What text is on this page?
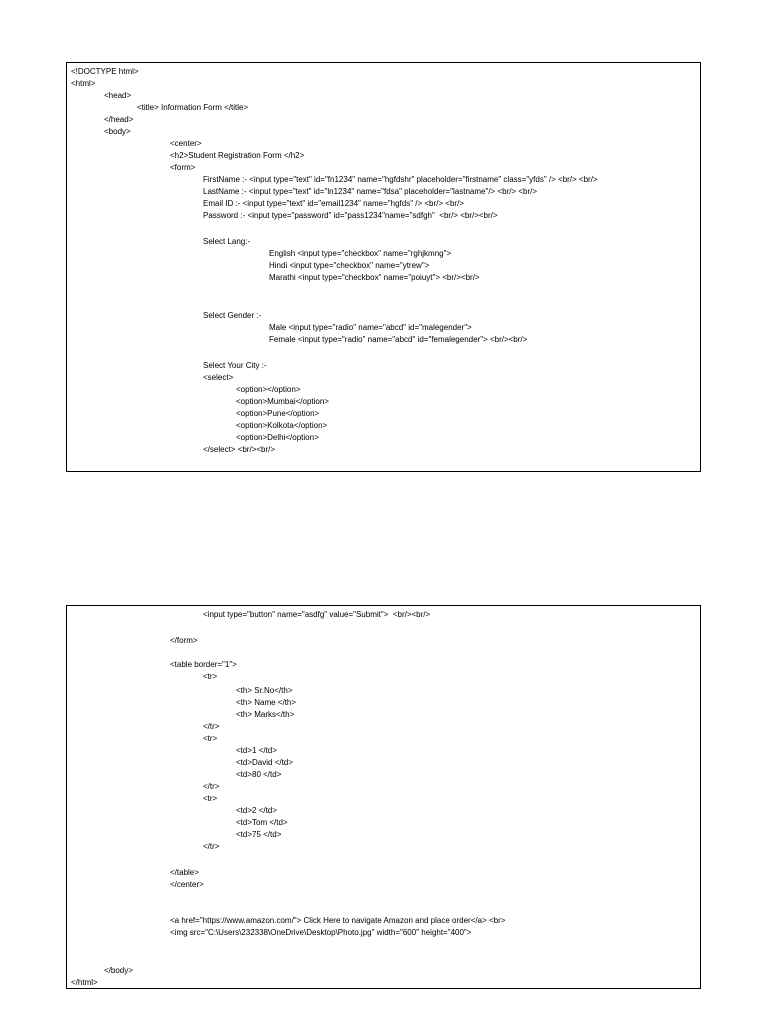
<!DOCTYPE html>
<html>
<head>
<title> Information Form </title>
</head>
<body>
<center>
<h2>Student Registration Form </h2>
<form>
FirstName :- <input type="text" id="fn1234" name="hgfdshr" placeholder="firstname" class="yfds" /> <br/> <br/>
LastName :- <input type="text" id="ln1234" name="fdsa" placeholder="lastname"/> <br/> <br/>
Email ID :- <input type="text" id="email1234" name="hgfds" /> <br/> <br/>
Password :- <input type="password" id="pass1234"name="sdfgh"  <br/> <br/><br/>
Select Lang:-
English <input type="checkbox" name="rghjkmng">
Hindi <input type="checkbox" name="ytrew">
Marathi <input type="checkbox" name="poiuyt"> <br/><br/>
Select Gender :-
Male <input type="radio" name="abcd" id="malegender">
Female <input type="radio" name="abcd" id="femalegender"> <br/><br/>
Select Your City :-
<select>
<option></option>
<option>Mumbai</option>
<option>Pune</option>
<option>Kolkota</option>
<option>Delhi</option>
</select> <br/><br/>
<input type="button" name="asdfg" value="Submit">  <br/><br/>
</form>
<table border="1">
<tr>
<th> Sr.No</th>
<th> Name </th>
<th> Marks</th>
</tr>
<tr>
<td>1 </td>
<td>David </td>
<td>80 </td>
</tr>
<tr>
<td>2 </td>
<td>Tom </td>
<td>75 </td>
</tr>
</table>
</center>
<a href="https://www.amazon.com/"> Click Here to navigate Amazon and place order</a> <br>
<img src="C:\Users\232338\OneDrive\Desktop\Photo.jpg" width="600" height="400">
</body>
</html>
